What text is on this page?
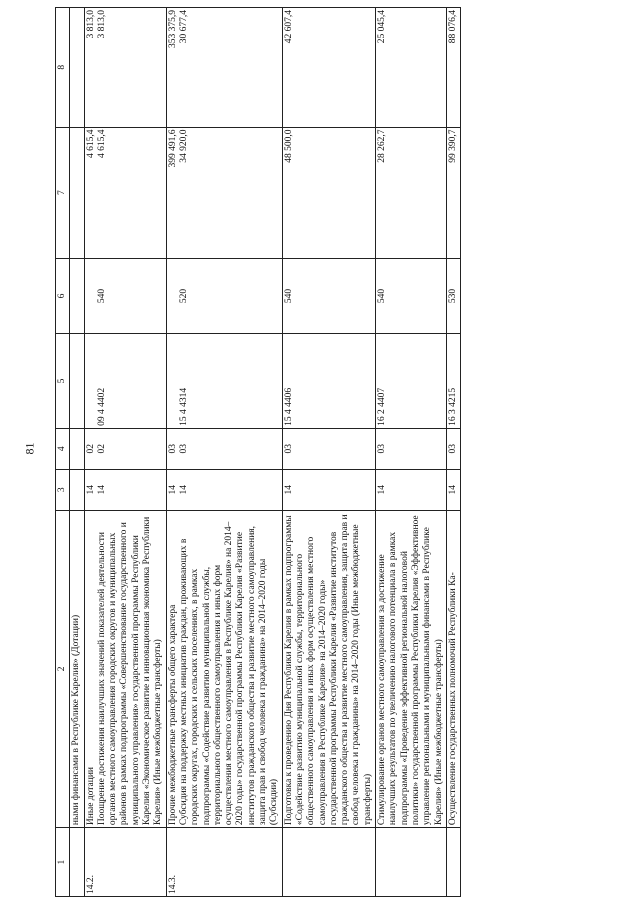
81
1	2	3	4	5	6	7	8
	ными финансами в Республике Карелия» (Дотации)						
14.2.	Иные дотации Поощрение достижения наилучших значений показателей деятельности органов местного самоуправления городских округов и муниципальных районов в рамках подпрограммы «Совершенствование государственного и муниципального управления» государственной программы Республики Карелия «Экономическое развитие и инновационная экономика Республики Карелия» (Иные межбюджетные трансферты)	14 14	02 02	09 4 4402	540	4 615,4 4 615,4	3 813,0 3 813,0

14.3.	Прочие межбюджетные трансферты общего характера Субсидия на поддержку местных инициатив граждан, проживающих в городских округах, городских и сельских поселениях, в рамках подпрограммы «Содействие развитию муниципальной службы, территориального общественного самоуправления и иных форм осуществления местного самоуправления в Республике Карелия» на 2014–2020 годы» государственной программы Республики Карелия «Развитие институтов гражданского общества и развитие местного самоуправления, защита прав и свобод человека и гражданина» на 2014–2020 годы (Субсидии)	14 14	03 03	15 4 4314	520	399 491,6 34 920,0	353 375,9 30 677,4

	Подготовка к проведению Дня Республики Карелия в рамках подпрограммы «Содействие развитию муниципальной службы, территориального общественного самоуправления и иных форм осуществления местного самоуправления в Республике Карелия» на 2014–2020 годы» государственной программы Республики Карелия «Развитие институтов гражданского общества и развитие местного самоуправления, защита прав и свобод человека и гражданина» на 2014–2020 годы (Иные межбюджетные трансферты)	14	03	15 4 4406	540	48 500,0	42 607,4
	Стимулирование органов местного самоуправления за достижение наилучших результатов по увеличению налогового потенциала в рамках подпрограммы «Проведение эффективной региональной налоговой политики» государственной программы Республики Карелия «Эффективное управление региональными и муниципальными финансами в Республике Карелия» (Иные межбюджетные трансферты)	14	03	16 2 4407	540	28 262,7	25 045,4
	Осуществление государственных полномочий Республики Ка-	14	03	16 3 4215	530	99 390,7	88 076,4
